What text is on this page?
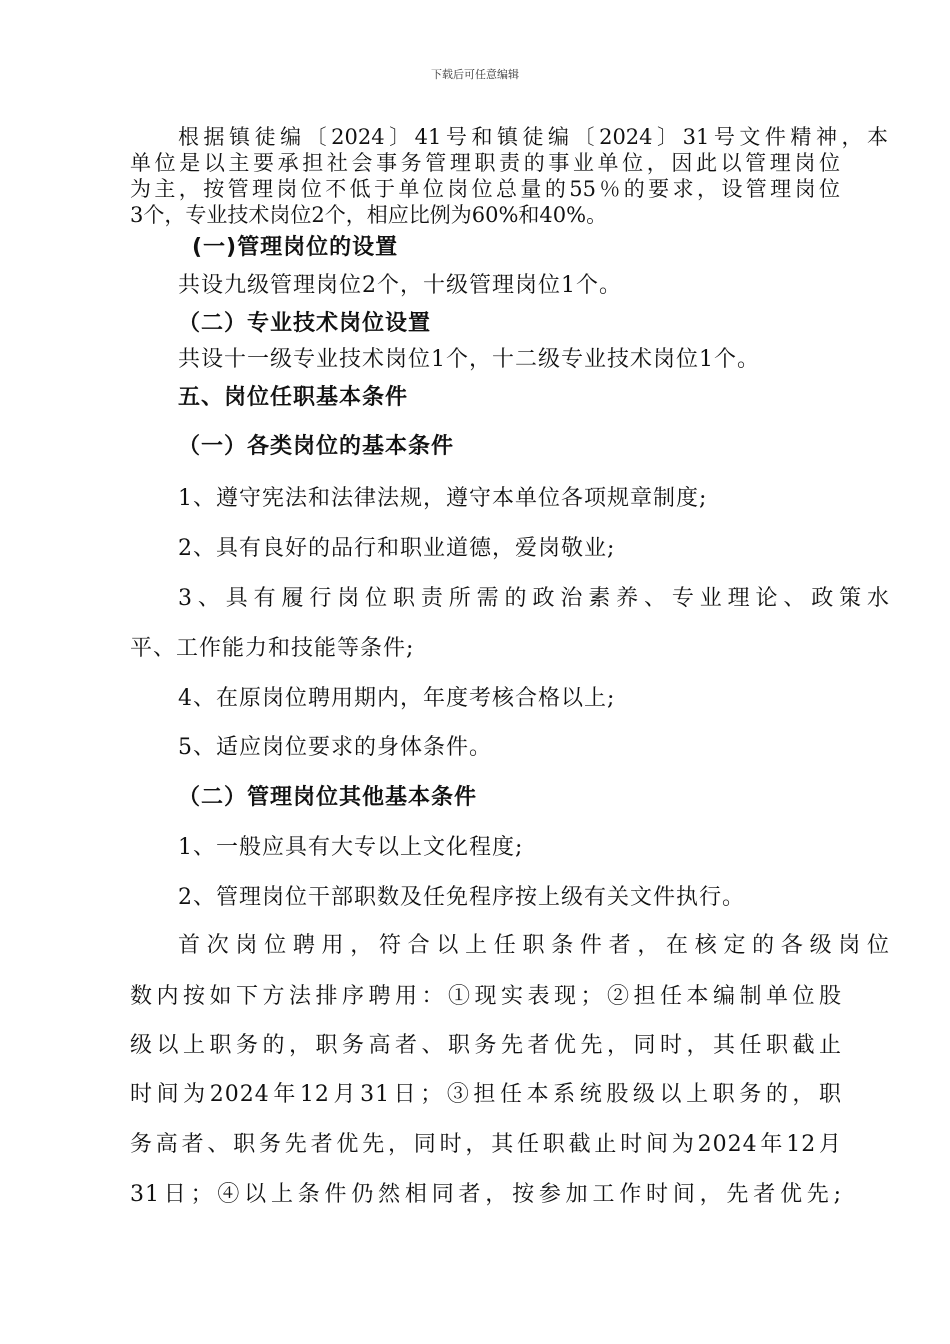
下载后可任意编辑
根据镇徒编〔2024〕41号和镇徒编〔2024〕31号文件精神，本
单位是以主要承担社会事务管理职责的事业单位，因此以管理岗位
为主，按管理岗位不低于单位岗位总量的55％的要求，设管理岗位
3个，专业技术岗位2个，相应比例为60%和40%。
(一)管理岗位的设置
共设九级管理岗位2个，十级管理岗位1个。
（二）专业技术岗位设置
共设十一级专业技术岗位1个，十二级专业技术岗位1个。
五、岗位任职基本条件
（一）各类岗位的基本条件
1、遵守宪法和法律法规，遵守本单位各项规章制度;
2、具有良好的品行和职业道德，爱岗敬业;
3、具有履行岗位职责所需的政治素养、专业理论、政策水
平、工作能力和技能等条件;
4、在原岗位聘用期内，年度考核合格以上;
5、适应岗位要求的身体条件。
（二）管理岗位其他基本条件
1、一般应具有大专以上文化程度;
2、管理岗位干部职数及任免程序按上级有关文件执行。
首次岗位聘用，符合以上任职条件者，在核定的各级岗位
数内按如下方法排序聘用：①现实表现；②担任本编制单位股
级以上职务的，职务高者、职务先者优先，同时，其任职截止
时间为2024年12月31日；③担任本系统股级以上职务的，职
务高者、职务先者优先，同时，其任职截止时间为2024年12月
31日；④以上条件仍然相同者，按参加工作时间，先者优先;
